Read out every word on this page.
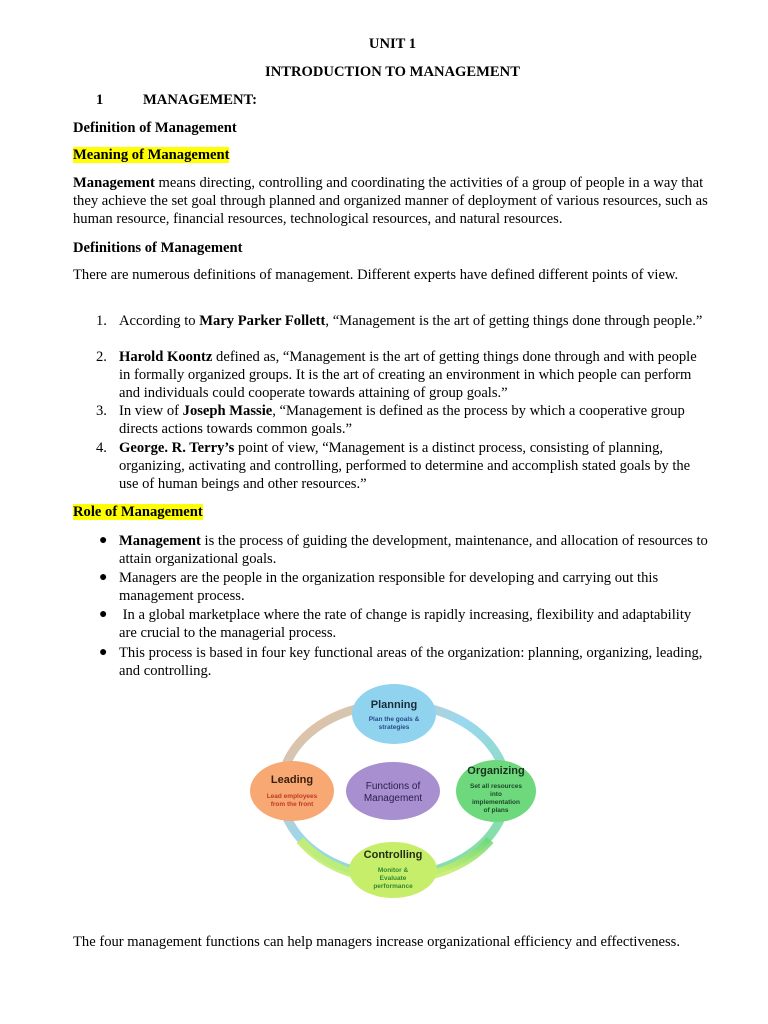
UNIT 1
INTRODUCTION TO MANAGEMENT
1	MANAGEMENT:
Definition of Management
Meaning of Management

Management means directing, controlling and coordinating the activities of a group of people in a way that they achieve the set goal through planned and organized manner of deployment of various resources, such as human resource, financial resources, technological resources, and natural resources.

Definitions of Management

There are numerous definitions of management. Different experts have defined different points of view.

1. According to Mary Parker Follett, “Management is the art of getting things done through people.”
2. Harold Koontz defined as, “Management is the art of getting things done through and with people in formally organized groups. It is the art of creating an environment in which people can perform and individuals could cooperate towards attaining of group goals.”
3. In view of Joseph Massie, “Management is defined as the process by which a cooperative group directs actions towards common goals.”
4. George. R. Terry’s point of view, “Management is a distinct process, consisting of planning, organizing, activating and controlling, performed to determine and accomplish stated goals by the use of human beings and other resources.”
Role of Management
● Management is the process of guiding the development, maintenance, and allocation of resources to attain organizational goals.
● Managers are the people in the organization responsible for developing and carrying out this management process.
● In a global marketplace where the rate of change is rapidly increasing, flexibility and adaptability are crucial to the managerial process.
● This process is based in four key functional areas of the organization: planning, organizing, leading, and controlling.
Functions of
Management
Planning
Plan the goals &
strategies
Organizing
Set all resources
into
implementation
of plans
Leading
Lead employees
from the front
Controlling
Monitor &
Evaluate
performance

The four management functions can help managers increase organizational efficiency and effectiveness.
